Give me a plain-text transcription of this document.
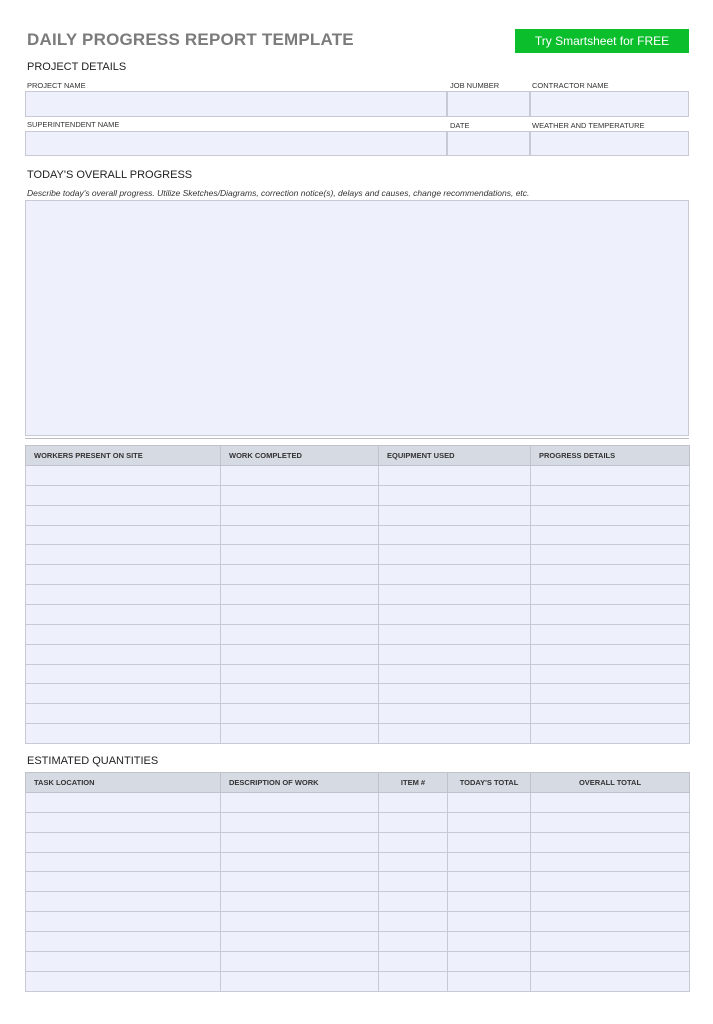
DAILY PROGRESS REPORT TEMPLATE	Try Smartsheet for FREE
PROJECT DETAILS
PROJECT NAME	JOB NUMBER	CONTRACTOR NAME
SUPERINTENDENT NAME	DATE	WEATHER AND TEMPERATURE
TODAY'S OVERALL PROGRESS
Describe today's overall progress. Utilize Sketches/Diagrams, correction notice(s), delays and causes, change recommendations, etc.
WORKERS PRESENT ON SITE	WORK COMPLETED	EQUIPMENT USED	PROGRESS DETAILS

ESTIMATED QUANTITIES
TASK LOCATION	DESCRIPTION OF WORK	ITEM #	TODAY'S TOTAL	OVERALL TOTAL
